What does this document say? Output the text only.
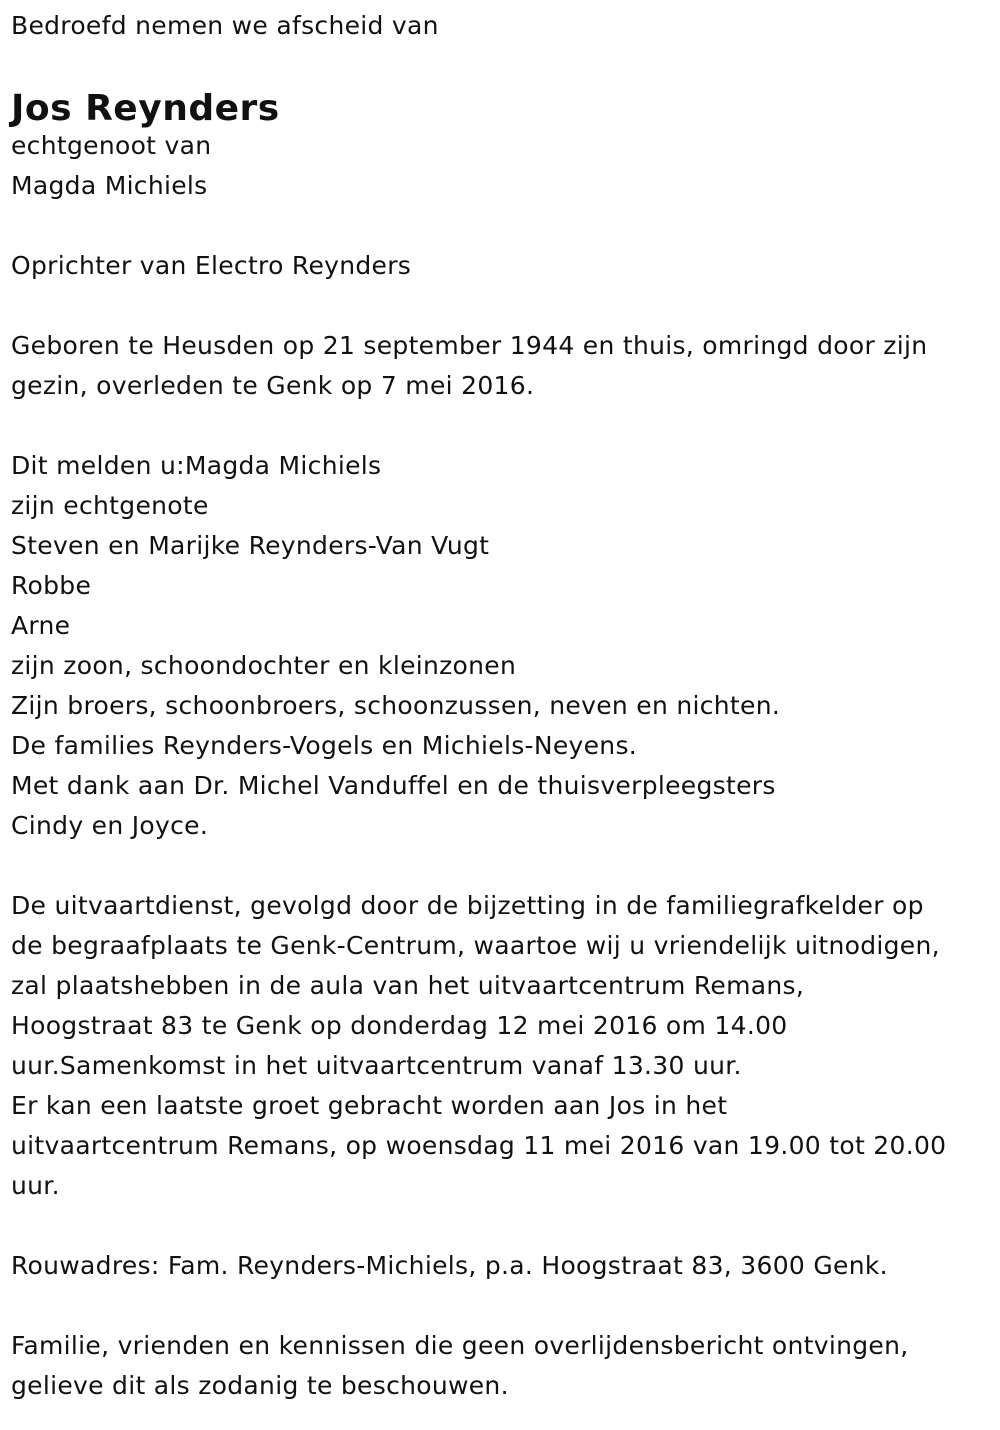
Bedroefd nemen we afscheid van
Jos Reynders
echtgenoot van
Magda Michiels
Oprichter van Electro Reynders
Geboren te Heusden op 21 september 1944 en thuis, omringd door zijn
gezin, overleden te Genk op 7 mei 2016.
Dit melden u:Magda Michiels
zijn echtgenote
Steven en Marijke Reynders-Van Vugt
Robbe
Arne
zijn zoon, schoondochter en kleinzonen
Zijn broers, schoonbroers, schoonzussen, neven en nichten.
De families Reynders-Vogels en Michiels-Neyens.
Met dank aan Dr. Michel Vanduffel en de thuisverpleegsters
Cindy en Joyce.
De uitvaartdienst, gevolgd door de bijzetting in de familiegrafkelder op
de begraafplaats te Genk-Centrum, waartoe wij u vriendelijk uitnodigen,
zal plaatshebben in de aula van het uitvaartcentrum Remans,
Hoogstraat 83 te Genk op donderdag 12 mei 2016 om 14.00
uur.Samenkomst in het uitvaartcentrum vanaf 13.30 uur.
Er kan een laatste groet gebracht worden aan Jos in het
uitvaartcentrum Remans, op woensdag 11 mei 2016 van 19.00 tot 20.00
uur.
Rouwadres: Fam. Reynders-Michiels, p.a. Hoogstraat 83, 3600 Genk.
Familie, vrienden en kennissen die geen overlijdensbericht ontvingen,
gelieve dit als zodanig te beschouwen.
